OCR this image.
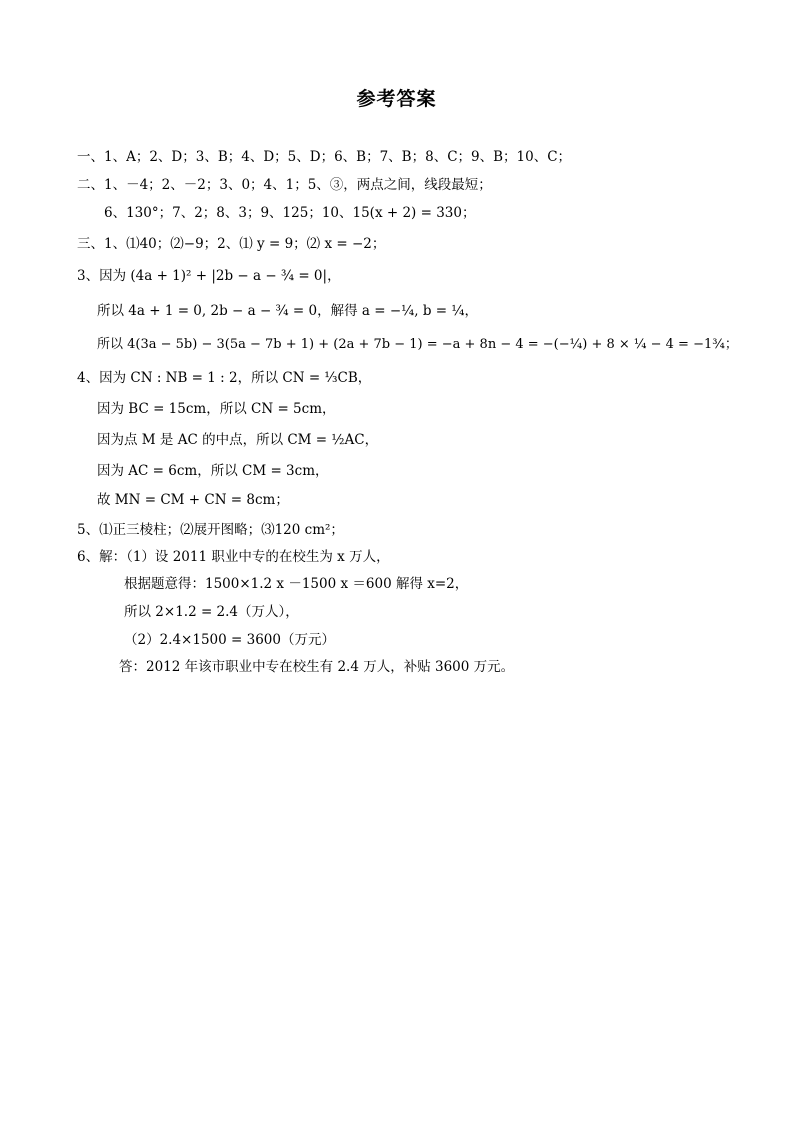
参考答案
一、1、A；2、D；3、B；4、D；5、D；6、B；7、B；8、C；9、B；10、C；
二、1、－4；2、－2；3、0；4、1；5、③，两点之间，线段最短；
6、130°；7、2；8、3；9、125；10、15(x + 2) = 330；
三、1、⑴40；⑵−9；2、⑴ y = 9；⑵ x = −2；
3、因为 (4a + 1)² + |2b − a − ¾ = 0|，
所以 4a + 1 = 0, 2b − a − ¾ = 0，解得 a = −¼, b = ¼，
所以 4(3a − 5b) − 3(5a − 7b + 1) + (2a + 7b − 1) = −a + 8n − 4 = −(−¼) + 8 × ¼ − 4 = −1¾；
4、因为 CN : NB = 1 : 2，所以 CN = ⅓CB，
因为 BC = 15cm，所以 CN = 5cm，
因为点 M 是 AC 的中点，所以 CM = ½AC，
因为 AC = 6cm，所以 CM = 3cm，
故 MN = CM + CN = 8cm；
5、⑴正三棱柱；⑵展开图略；⑶120 cm²；
6、解：（1）设 2011 职业中专的在校生为 x 万人，
根据题意得：1500×1.2 x －1500 x ＝600 解得 x=2，
所以 2×1.2 = 2.4（万人），
（2）2.4×1500 = 3600（万元）
答：2012 年该市职业中专在校生有 2.4 万人，补贴 3600 万元。
